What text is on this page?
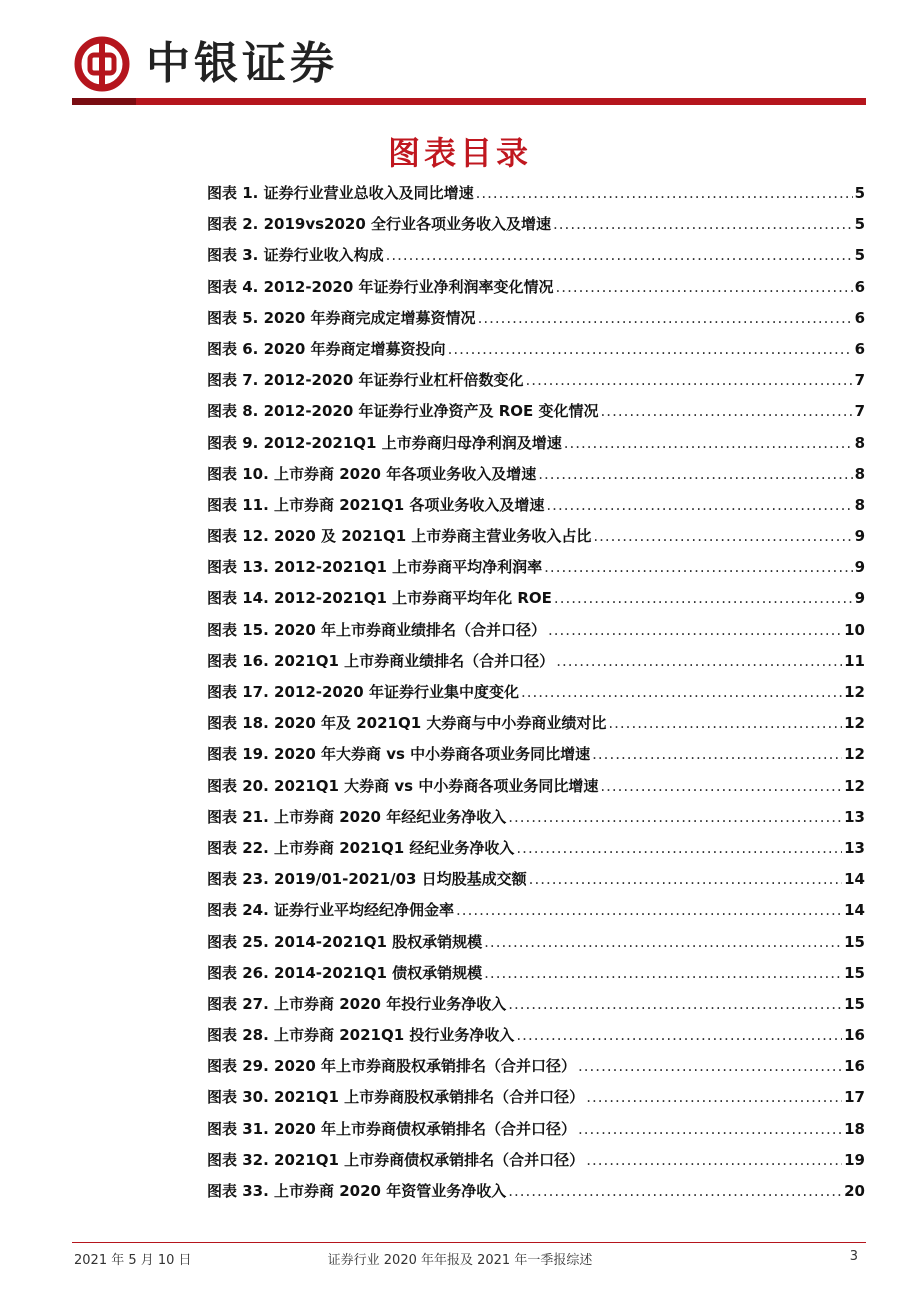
中银证券
图表目录
图表 1. 证券行业营业总收入及同比增速 .....	5
图表 2. 2019vs2020 全行业各项业务收入及增速 .....	5
图表 3. 证券行业收入构成 .....	5
图表 4. 2012-2020 年证券行业净利润率变化情况 .....	6
图表 5. 2020 年券商完成定增募资情况 .....	6
图表 6. 2020 年券商定增募资投向 .....	6
图表 7. 2012-2020 年证券行业杠杆倍数变化 .....	7
图表 8. 2012-2020 年证券行业净资产及 ROE 变化情况 .....	7
图表 9. 2012-2021Q1 上市券商归母净利润及增速 .....	8
图表 10. 上市券商 2020 年各项业务收入及增速 .....	8
图表 11. 上市券商 2021Q1 各项业务收入及增速 .....	8
图表 12. 2020 及 2021Q1 上市券商主营业务收入占比 .....	9
图表 13. 2012-2021Q1 上市券商平均净利润率 .....	9
图表 14. 2012-2021Q1 上市券商平均年化 ROE .....	9
图表 15. 2020 年上市券商业绩排名（合并口径） .....	10
图表 16. 2021Q1 上市券商业绩排名（合并口径） .....	11
图表 17. 2012-2020 年证券行业集中度变化 .....	12
图表 18. 2020 年及 2021Q1 大券商与中小券商业绩对比 .....	12
图表 19. 2020 年大券商 vs 中小券商各项业务同比增速 .....	12
图表 20. 2021Q1 大券商 vs 中小券商各项业务同比增速 .....	12
图表 21. 上市券商 2020 年经纪业务净收入 .....	13
图表 22. 上市券商 2021Q1 经纪业务净收入 .....	13
图表 23. 2019/01-2021/03 日均股基成交额 .....	14
图表 24. 证券行业平均经纪净佣金率 .....	14
图表 25. 2014-2021Q1 股权承销规模 .....	15
图表 26. 2014-2021Q1 债权承销规模 .....	15
图表 27. 上市券商 2020 年投行业务净收入 .....	15
图表 28. 上市券商 2021Q1 投行业务净收入 .....	16
图表 29. 2020 年上市券商股权承销排名（合并口径） .....	16
图表 30. 2021Q1 上市券商股权承销排名（合并口径） .....	17
图表 31. 2020 年上市券商债权承销排名（合并口径） .....	18
图表 32. 2021Q1 上市券商债权承销排名（合并口径） .....	19
图表 33. 上市券商 2020 年资管业务净收入 .....	20
2021 年 5 月 10 日	证券行业 2020 年年报及 2021 年一季报综述	3
